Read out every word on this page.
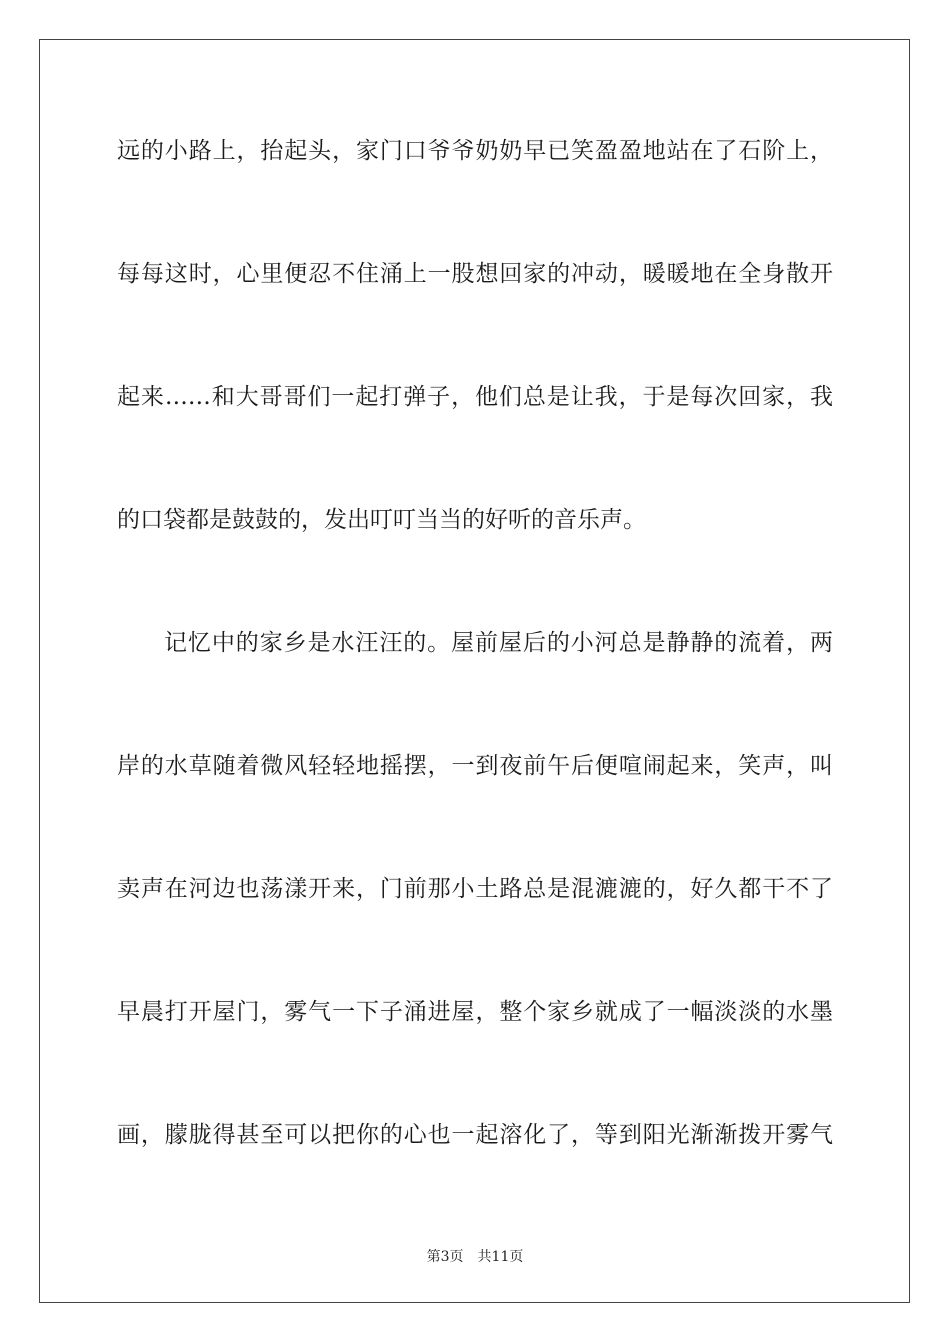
远的小路上，抬起头，家门口爷爷奶奶早已笑盈盈地站在了石阶上，
每每这时，心里便忍不住涌上一股想回家的冲动，暖暖地在全身散开
起来……和大哥哥们一起打弹子，他们总是让我，于是每次回家，我
的口袋都是鼓鼓的，发出叮叮当当的好听的音乐声。
记忆中的家乡是水汪汪的。屋前屋后的小河总是静静的流着，两
岸的水草随着微风轻轻地摇摆，一到夜前午后便喧闹起来，笑声，叫
卖声在河边也荡漾开来，门前那小土路总是混漉漉的，好久都干不了
早晨打开屋门，雾气一下子涌进屋，整个家乡就成了一幅淡淡的水墨
画，朦胧得甚至可以把你的心也一起溶化了，等到阳光渐渐拨开雾气
第3页 共11页
